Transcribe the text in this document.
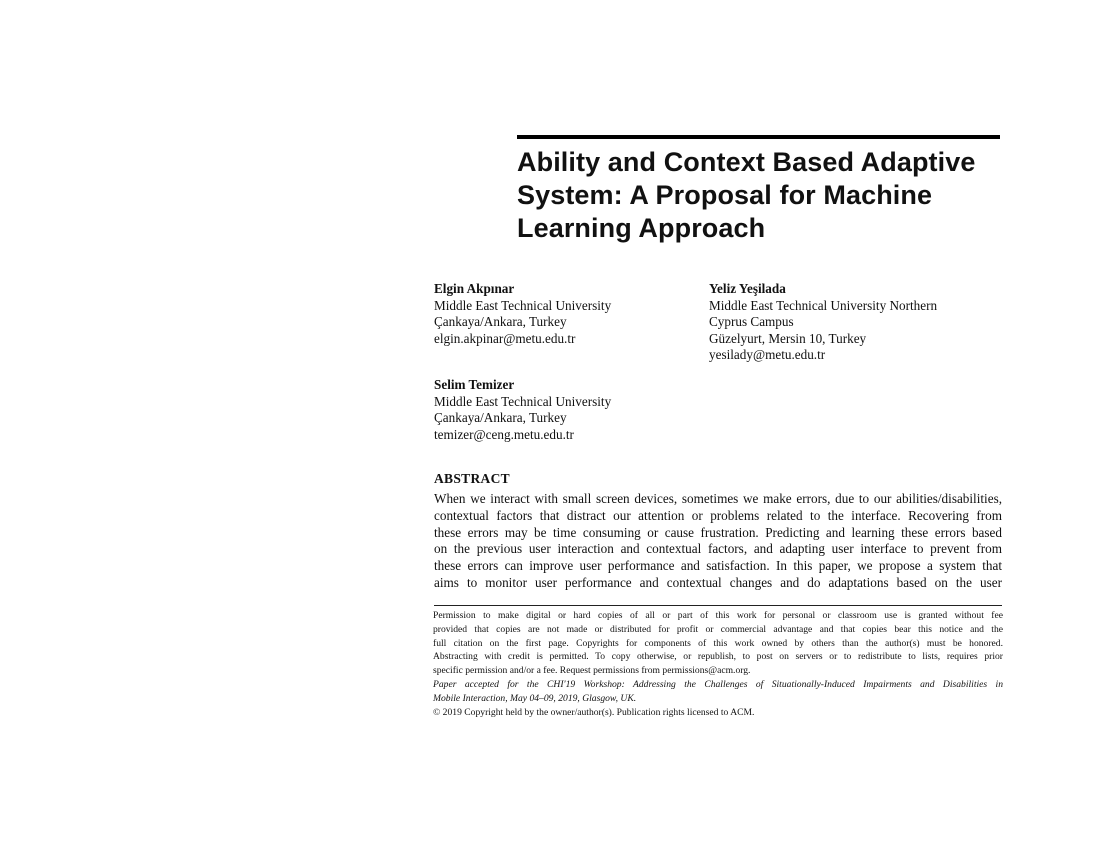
Ability and Context Based Adaptive
System: A Proposal for Machine
Learning Approach
Elgin Akpınar
Middle East Technical University
Çankaya/Ankara, Turkey
elgin.akpinar@metu.edu.tr
Yeliz Yeşilada
Middle East Technical University Northern
Cyprus Campus
Güzelyurt, Mersin 10, Turkey
yesilady@metu.edu.tr
Selim Temizer
Middle East Technical University
Çankaya/Ankara, Turkey
temizer@ceng.metu.edu.tr
ABSTRACT
When we interact with small screen devices, sometimes we make errors, due to our abilities/disabilities,
contextual factors that distract our attention or problems related to the interface. Recovering from
these errors may be time consuming or cause frustration. Predicting and learning these errors based
on the previous user interaction and contextual factors, and adapting user interface to prevent from
these errors can improve user performance and satisfaction. In this paper, we propose a system that
aims to monitor user performance and contextual changes and do adaptations based on the user
Permission to make digital or hard copies of all or part of this work for personal or classroom use is granted without fee
provided that copies are not made or distributed for profit or commercial advantage and that copies bear this notice and the
full citation on the first page. Copyrights for components of this work owned by others than the author(s) must be honored.
Abstracting with credit is permitted. To copy otherwise, or republish, to post on servers or to redistribute to lists, requires prior
specific permission and/or a fee. Request permissions from permissions@acm.org.
Paper accepted for the CHI'19 Workshop: Addressing the Challenges of Situationally-Induced Impairments and Disabilities in
Mobile Interaction, May 04–09, 2019, Glasgow, UK.
© 2019 Copyright held by the owner/author(s). Publication rights licensed to ACM.
